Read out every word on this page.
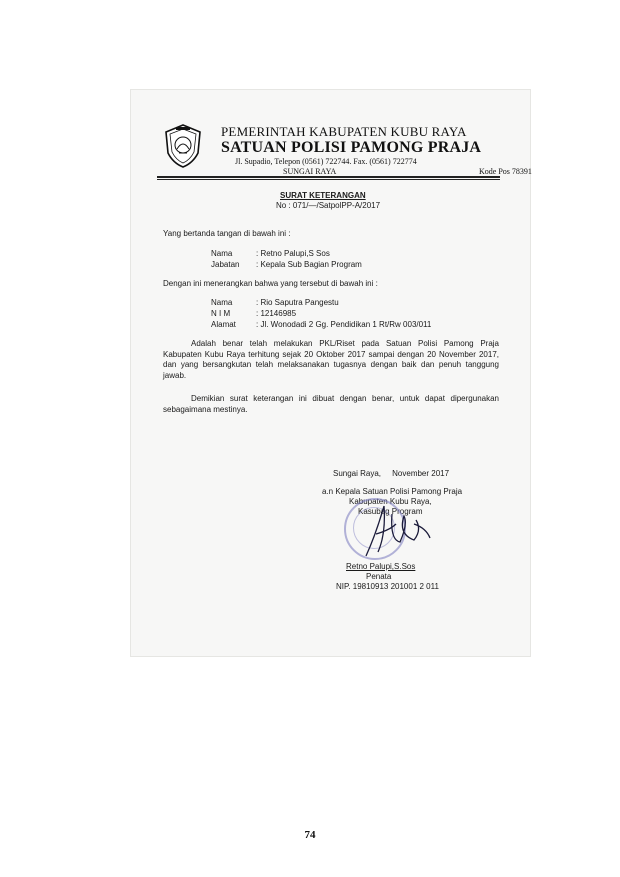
PEMERINTAH KABUPATEN KUBU RAYA
SATUAN POLISI PAMONG PRAJA
Jl. Supadio, Telepon (0561) 722744. Fax. (0561) 722774
SUNGAI RAYA	Kode Pos 78391
SURAT KETERANGAN
No : 071/—/SatpolPP-A/2017
Yang bertanda tangan di bawah ini :
Nama	: Retno Palupi,S Sos
Jabatan : Kepala Sub Bagian Program
Dengan ini menerangkan bahwa yang tersebut di bawah ini :
Nama	: Rio Saputra Pangestu
N I M	: 12146985
Alamat	: Jl. Wonodadi 2 Gg. Pendidikan 1 Rt/Rw 003/011
Adalah benar telah melakukan PKL/Riset pada Satuan Polisi Pamong Praja Kabupaten Kubu Raya terhitung sejak 20 Oktober 2017 sampai dengan 20 November 2017, dan yang bersangkutan telah melaksanakan tugasnya dengan baik dan penuh tanggung jawab.
Demikian surat keterangan ini dibuat dengan benar, untuk dapat dipergunakan sebagaimana mestinya.
Sungai Raya,     November 2017
a.n Kepala Satuan Polisi Pamong Praja
Kabupaten Kubu Raya,
Kasubag Program
Retno Palupi,S.Sos
Penata
NIP. 19810913 201001 2 011
74
